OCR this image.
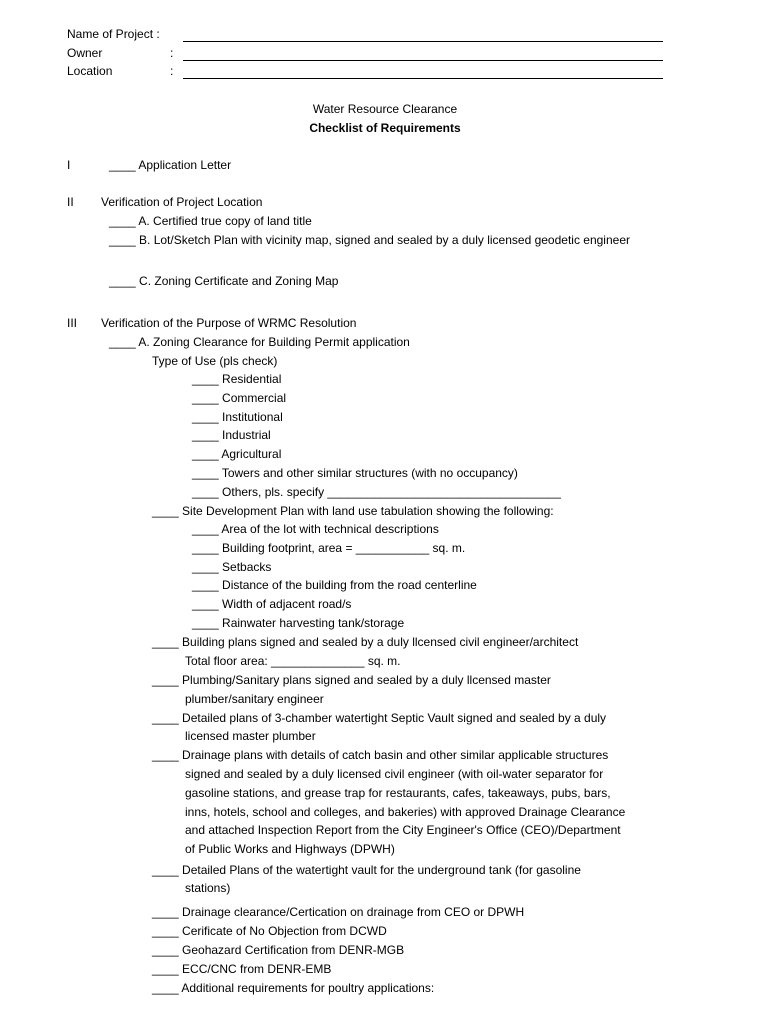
Name of Project :
Owner	:
Location	:
Water Resource Clearance
Checklist of Requirements
I	____ Application Letter
II Verification of Project Location
____ A. Certified true copy of land title
____ B. Lot/Sketch Plan with vicinity map, signed and sealed by a duly licensed geodetic engineer
____ C. Zoning Certificate and Zoning Map
III Verification of the Purpose of WRMC Resolution
____ A. Zoning Clearance for Building Permit application
Type of Use (pls check)
____ Residential
____ Commercial
____ Institutional
____ Industrial
____ Agricultural
____ Towers and other similar structures (with no occupancy)
____ Others, pls. specify ___________________________________
____ Site Development Plan with land use tabulation showing the following:
____ Area of the lot with technical descriptions
____ Building footprint, area = ___________ sq. m.
____ Setbacks
____ Distance of the building from the road centerline
____ Width of adjacent road/s
____ Rainwater harvesting tank/storage
____ Building plans signed and sealed by a duly llcensed civil engineer/architect
Total floor area: ______________ sq. m.
____ Plumbing/Sanitary plans signed and sealed by a duly llcensed master
plumber/sanitary engineer
____ Detailed plans of 3-chamber watertight Septic Vault signed and sealed by a duly
licensed master plumber
____ Drainage plans with details of catch basin and other similar applicable structures
signed and sealed by a duly licensed civil engineer (with oil-water separator for
gasoline stations, and grease trap for restaurants, cafes, takeaways, pubs, bars,
inns, hotels, school and colleges, and bakeries) with approved Drainage Clearance
and attached Inspection Report from the City Engineer's Office (CEO)/Department
of Public Works and Highways (DPWH)
____ Detailed Plans of the watertight vault for the underground tank (for gasoline
stations)
____ Drainage clearance/Certication on drainage from CEO or DPWH
____ Cerificate of No Objection from DCWD
____ Geohazard Certification from DENR-MGB
____ ECC/CNC from DENR-EMB
____ Additional requirements for poultry applications:
